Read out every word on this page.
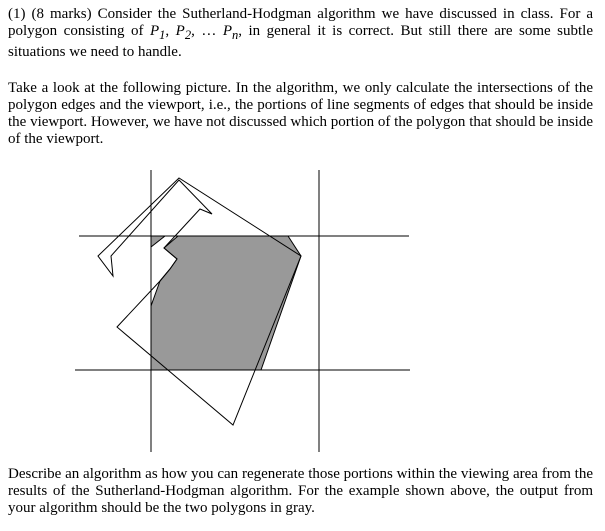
(1) (8 marks) Consider the Sutherland-Hodgman algorithm we have discussed in class. For a polygon consisting of $P_1$, $P_2$, … $P_n$, in general it is correct. But still there are some subtle situations we need to handle.

Take a look at the following picture. In the algorithm, we only calculate the intersections of the polygon edges and the viewport, i.e., the portions of line segments of edges that should be inside the viewport. However, we have not discussed which portion of the polygon that should be inside of the viewport.

Describe an algorithm as how you can regenerate those portions within the viewing area from the results of the Sutherland-Hodgman algorithm. For the example shown above, the output from your algorithm should be the two polygons in gray.
